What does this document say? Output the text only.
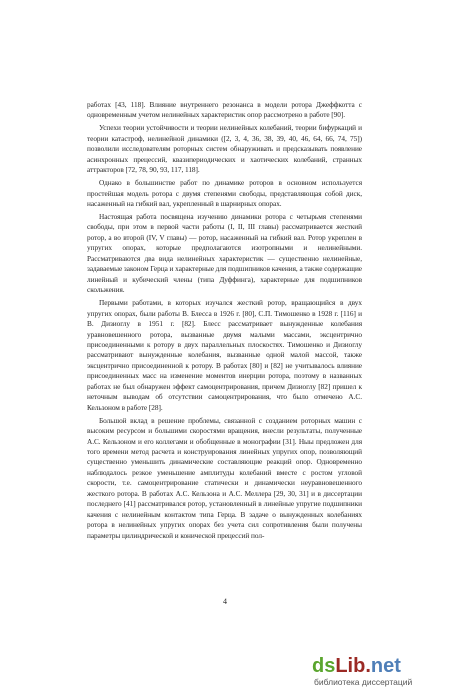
работах [43, 118]. Влияние внутреннего резонанса в модели ротора Джеффкотта с одновременным учетом нелинейных характеристик опор рассмотрено в работе [90].

Успехи теории устойчивости и теории нелинейных колебаний, теории бифуркаций и теории катастроф, нелинейной динамики ([2, 3, 4, 36, 38, 39, 40, 46, 64, 66, 74, 75]) позволили исследователям роторных систем обнаруживать и предсказывать появление асинхронных прецессий, квазипериодических и хаотических колебаний, странных аттракторов [72, 78, 90, 93, 117, 118].

Однако в большинстве работ по динамике роторов в основном используется простейшая модель ротора с двумя степенями свободы, представляющая собой диск, насаженный на гибкий вал, укрепленный в шарнирных опорах.

Настоящая работа посвящена изучению динамики ротора с четырьмя степенями свободы, при этом в первой части работы (I, II, III главы) рассматривается жесткий ротор, а во второй (IV, V главы) — ротор, насаженный на гибкий вал. Ротор укреплен в упругих опорах, которые предполагаются изотропными и нелинейными. Рассматриваются два вида нелинейных характеристик — существенно нелинейные, задаваемые законом Герца и характерные для подшипников качения, а также содержащие линейный и кубический члены (типа Дуффинга), характерные для подшипников скольжения.

Первыми работами, в которых изучался жесткий ротор, вращающийся в двух упругих опорах, были работы В. Блесса в 1926 г. [80], С.П. Тимошенко в 1928 г. [116] и В. Дизиоглу в 1951 г. [82]. Блесс рассматривает вынужденные колебания уравновешенного ротора, вызванные двумя малыми массами, эксцентрично присоединенными к ротору в двух параллельных плоскостях. Тимошенко и Дизиоглу рассматривают вынужденные колебания, вызванные одной малой массой, также эксцентрично присоединенной к ротору. В работах [80] и [82] не учитывалось влияние присоединенных масс на изменение моментов инерции ротора, поэтому в названных работах не был обнаружен эффект самоцентрирования, причем Дизиоглу [82] пришел к неточным выводам об отсутствии самоцентрирования, что было отмечено А.С. Кельзоном в работе [28].

Большой вклад в решение проблемы, связанной с созданием роторных машин с высоким ресурсом и большими скоростями вращения, внесли результаты, полученные А.С. Кельзоном и его коллегами и обобщенные в монографии [31]. Ныы предложен для того времени метод расчета и конструирования линейных упругих опор, позволяющий существенно уменьшить динамические составляющие реакций опор. Одновременно наблюдалось резкое уменьшение амплитуды колебаний вместе с ростом угловой скорости, т.е. самоцентрирование статически и динамически неуравновешенного жесткого ротора. В работах А.С. Кельзона и А.С. Меллера [29, 30, 31] и в диссертации последнего [41] рассматривался ротор, установленный в линейные упругие подшипники качения с нелинейным контактом типа Герца. В задаче о вынужденных колебаниях ротора в нелинейных упругих опорах без учета сил сопротивления были получены параметры цилиндрической и конической прецессий пол-

4
dsLib.net
библиотека диссертаций
